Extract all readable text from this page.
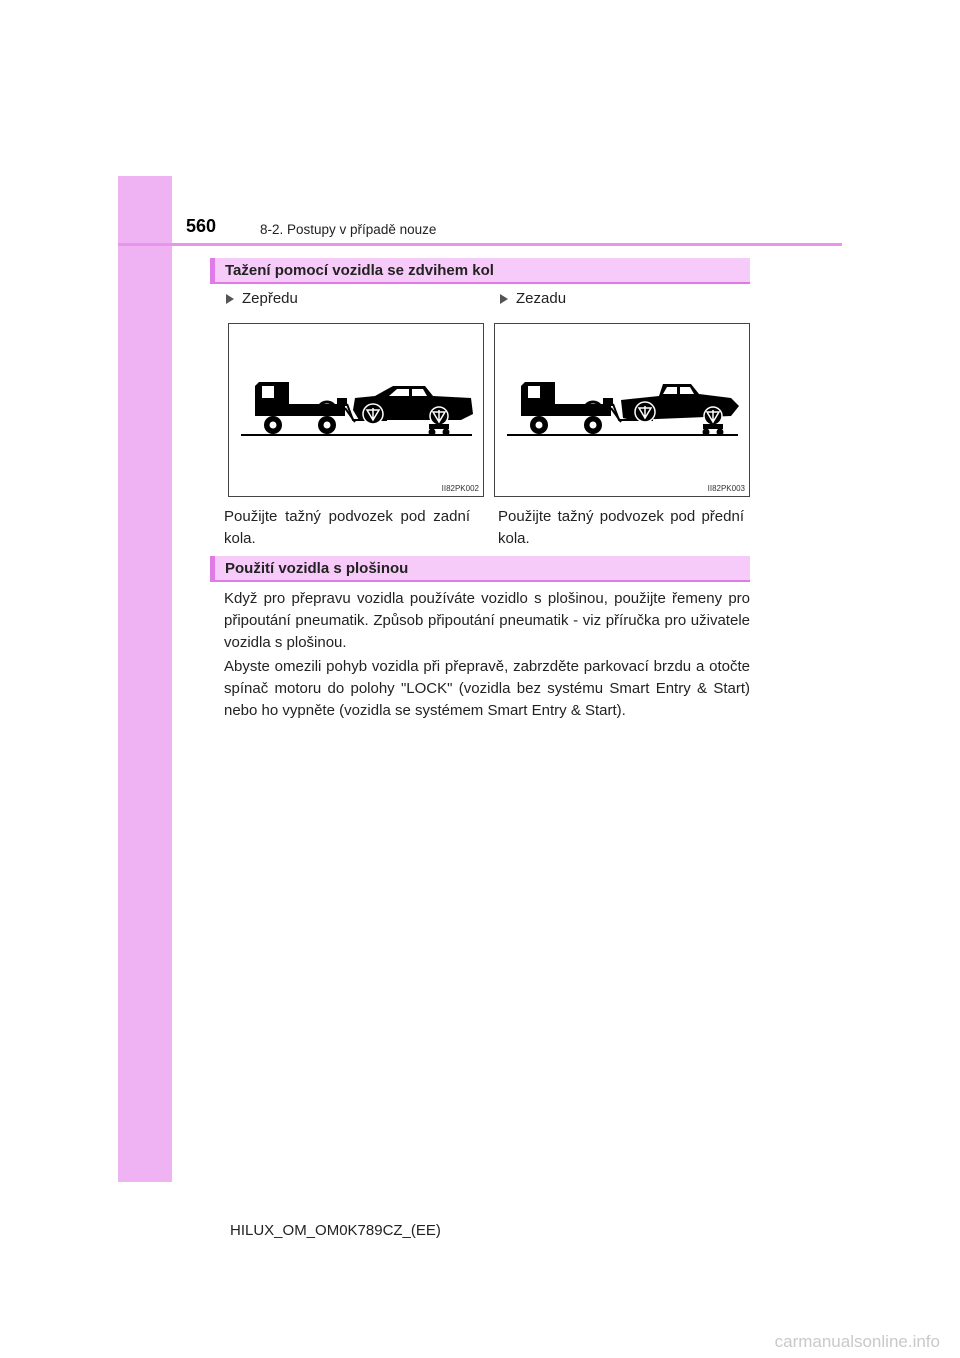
560	8-2. Postupy v případě nouze
Tažení pomocí vozidla se zdvihem kol
Zepředu	Zezadu
II82PK002	II82PK003
Použijte tažný podvozek pod zadní kola.
Použijte tažný podvozek pod přední kola.
Použití vozidla s plošinou
Když pro přepravu vozidla používáte vozidlo s plošinou, použijte řemeny pro připoutání pneumatik. Způsob připoutání pneumatik - viz příručka pro uživatele vozidla s plošinou.
Abyste omezili pohyb vozidla při přepravě, zabrzděte parkovací brzdu a otočte spínač motoru do polohy "LOCK" (vozidla bez systému Smart Entry & Start) nebo ho vypněte (vozidla se systémem Smart Entry & Start).
HILUX_OM_OM0K789CZ_(EE)
carmanualsonline.info
